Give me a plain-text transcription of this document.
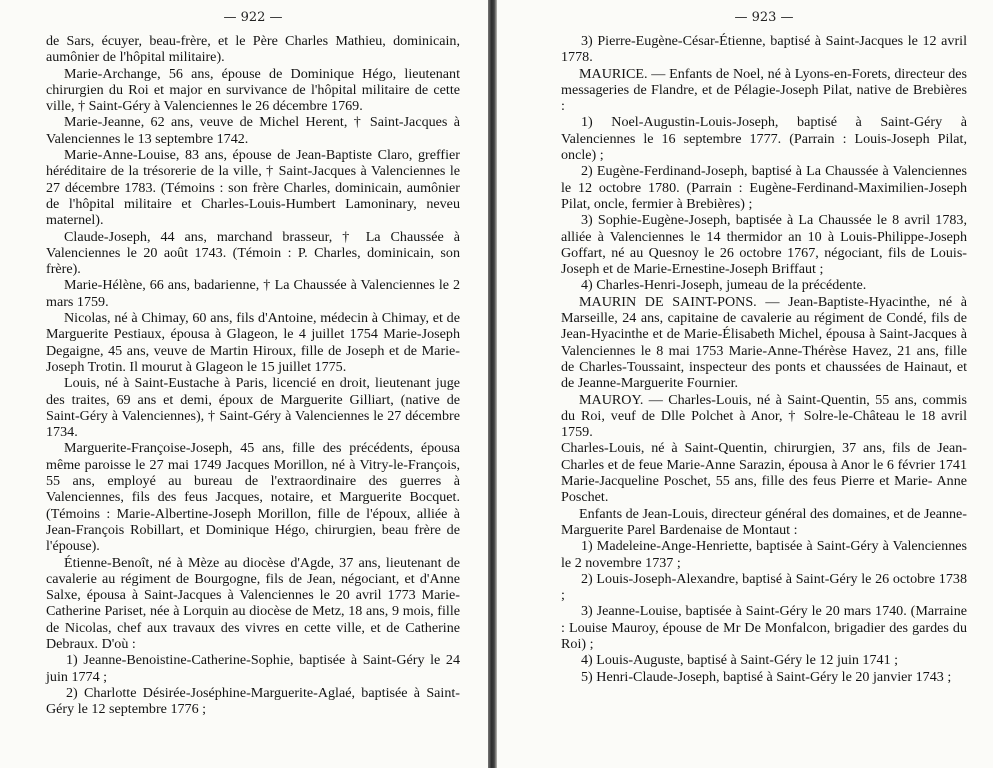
— 922 —

de Sars, écuyer, beau-frère, et le Père Charles Mathieu, dominicain, aumônier de l'hôpital militaire).

Marie-Archange, 56 ans, épouse de Dominique Hégo, lieutenant chirurgien du Roi et major en survivance de l'hôpital militaire de cette ville, † Saint-Géry à Valenciennes le 26 décembre 1769.

Marie-Jeanne, 62 ans, veuve de Michel Herent, † Saint-Jacques à Valenciennes le 13 septembre 1742.

Marie-Anne-Louise, 83 ans, épouse de Jean-Baptiste Claro, greffier héréditaire de la trésorerie de la ville, † Saint-Jacques à Valenciennes le 27 décembre 1783. (Témoins : son frère Charles, dominicain, aumônier de l'hôpital militaire et Charles-Louis-Humbert Lamoninary, neveu maternel).

Claude-Joseph, 44 ans, marchand brasseur, † La Chaussée à Valenciennes le 20 août 1743. (Témoin : P. Charles, dominicain, son frère).

Marie-Hélène, 66 ans, badarienne, † La Chaussée à Valenciennes le 2 mars 1759.

Nicolas, né à Chimay, 60 ans, fils d'Antoine, médecin à Chimay, et de Marguerite Pestiaux, épousa à Glageon, le 4 juillet 1754 Marie-Joseph Degaigne, 45 ans, veuve de Martin Hiroux, fille de Joseph et de Marie-Joseph Trotin. Il mourut à Glageon le 15 juillet 1775.

Louis, né à Saint-Eustache à Paris, licencié en droit, lieutenant juge des traites, 69 ans et demi, époux de Marguerite Gilliart, (native de Saint-Géry à Valenciennes), † Saint-Géry à Valenciennes le 27 décembre 1734.

Marguerite-Françoise-Joseph, 45 ans, fille des précédents, épousa même paroisse le 27 mai 1749 Jacques Morillon, né à Vitry-le-François, 55 ans, employé au bureau de l'extraordinaire des guerres à Valenciennes, fils des feus Jacques, notaire, et Marguerite Bocquet. (Témoins : Marie-Albertine-Joseph Morillon, fille de l'époux, alliée à Jean-François Robillart, et Dominique Hégo, chirurgien, beau frère de l'épouse).

Étienne-Benoît, né à Mèze au diocèse d'Agde, 37 ans, lieutenant de cavalerie au régiment de Bourgogne, fils de Jean, négociant, et d'Anne Salxe, épousa à Saint-Jacques à Valenciennes le 20 avril 1773 Marie-Catherine Pariset, née à Lorquin au diocèse de Metz, 18 ans, 9 mois, fille de Nicolas, chef aux travaux des vivres en cette ville, et de Catherine Debraux. D'où :

1) Jeanne-Benoistine-Catherine-Sophie, baptisée à Saint-Géry le 24 juin 1774 ;

2) Charlotte Désirée-Joséphine-Marguerite-Aglaé, baptisée à Saint-Géry le 12 septembre 1776 ;

— 923 —

3) Pierre-Eugène-César-Étienne, baptisé à Saint-Jacques le 12 avril 1778.

MAURICE. — Enfants de Noel, né à Lyons-en-Forets, directeur des messageries de Flandre, et de Pélagie-Joseph Pilat, native de Brebières :

1) Noel-Augustin-Louis-Joseph, baptisé à Saint-Géry à Valenciennes le 16 septembre 1777. (Parrain : Louis-Joseph Pilat, oncle) ;

2) Eugène-Ferdinand-Joseph, baptisé à La Chaussée à Valenciennes le 12 octobre 1780. (Parrain : Eugène-Ferdinand-Maximilien-Joseph Pilat, oncle, fermier à Brebières) ;

3) Sophie-Eugène-Joseph, baptisée à La Chaussée le 8 avril 1783, alliée à Valenciennes le 14 thermidor an 10 à Louis-Philippe-Joseph Goffart, né au Quesnoy le 26 octobre 1767, négociant, fils de Louis-Joseph et de Marie-Ernestine-Joseph Briffaut ;

4) Charles-Henri-Joseph, jumeau de la précédente.

MAURIN DE SAINT-PONS. — Jean-Baptiste-Hyacinthe, né à Marseille, 24 ans, capitaine de cavalerie au régiment de Condé, fils de Jean-Hyacinthe et de Marie-Élisabeth Michel, épousa à Saint-Jacques à Valenciennes le 8 mai 1753 Marie-Anne-Thérèse Havez, 21 ans, fille de Charles-Toussaint, inspecteur des ponts et chaussées de Hainaut, et de Jeanne-Marguerite Fournier.

MAUROY. — Charles-Louis, né à Saint-Quentin, 55 ans, commis du Roi, veuf de Dlle Polchet à Anor, † Solre-le-Château le 18 avril 1759.

Charles-Louis, né à Saint-Quentin, chirurgien, 37 ans, fils de Jean-Charles et de feue Marie-Anne Sarazin, épousa à Anor le 6 février 1741 Marie-Jacqueline Poschet, 55 ans, fille des feus Pierre et Marie- Anne Poschet.

Enfants de Jean-Louis, directeur général des domaines, et de Jeanne-Marguerite Parel Bardenaise de Montaut :

1) Madeleine-Ange-Henriette, baptisée à Saint-Géry à Valenciennes le 2 novembre 1737 ;

2) Louis-Joseph-Alexandre, baptisé à Saint-Géry le 26 octobre 1738 ;

3) Jeanne-Louise, baptisée à Saint-Géry le 20 mars 1740. (Marraine : Louise Mauroy, épouse de Mr De Monfalcon, brigadier des gardes du Roi) ;

4) Louis-Auguste, baptisé à Saint-Géry le 12 juin 1741 ;

5) Henri-Claude-Joseph, baptisé à Saint-Géry le 20 janvier 1743 ;
